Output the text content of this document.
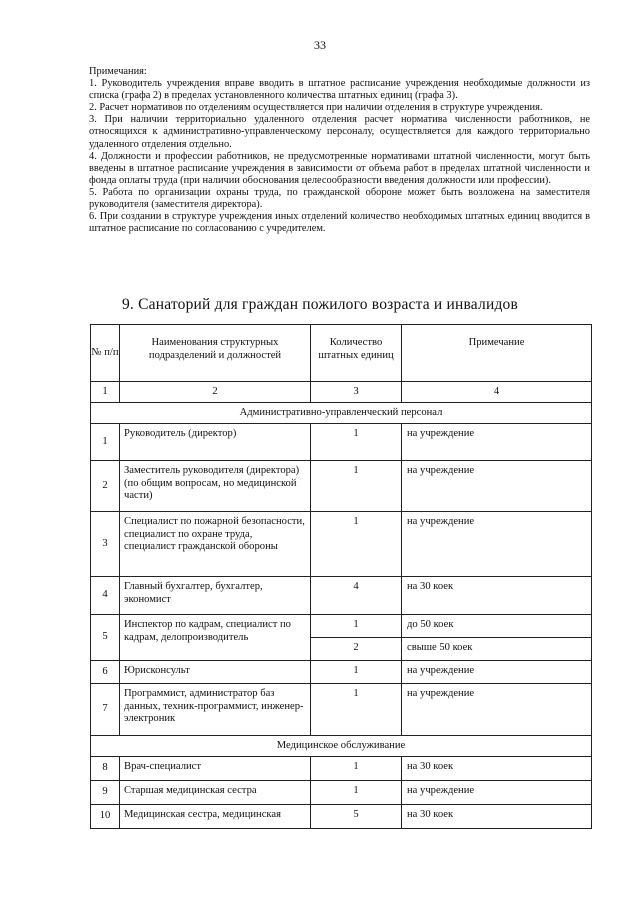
33

Примечания:

1. Руководитель учреждения вправе вводить в штатное расписание учреждения необходимые должности из списка (графа 2) в пределах установленного количества штатных единиц (графа 3).

2. Расчет нормативов по отделениям осуществляется при наличии отделения в структуре учреждения.

3. При наличии территориально удаленного отделения расчет норматива численности работников, не относящихся к административно-управленческому персоналу, осуществляется для каждого территориально удаленного отделения отдельно.

4. Должности и профессии работников, не предусмотренные нормативами штатной численности, могут быть введены в штатное расписание учреждения в зависимости от объема работ в пределах штатной численности и фонда оплаты труда (при наличии обоснования целесообразности введения должности или профессии).

5. Работа по организации охраны труда, по гражданской обороне может быть возложена на заместителя руководителя (заместителя директора).

6. При создании в структуре учреждения иных отделений количество необходимых штатных единиц вводится в штатное расписание по согласованию с учредителем.

9. Санаторий для граждан пожилого возраста и инвалидов
№ п/п	Наименования структурных подразделений и должностей	Количество штатных единиц	Примечание
1	2	3	4
Административно-управленческий персонал			
1	Руководитель (директор)	1	на учреждение
2	Заместитель руководителя (директора) (по общим вопросам, но медицинской части)	1	на учреждение
3	Специалист по пожарной безопасности, специалист по охране труда, специалист гражданской обороны	1	на учреждение
4	Главный бухгалтер, бухгалтер, экономист	4	на 30 коек
5	Инспектор по кадрам, специалист по кадрам, делопроизводитель	1	до 50 коек
		2	свыше 50 коек
6	Юрисконсульт	1	на учреждение
7	Программист, администратор баз данных, техник-программист, инженер-электроник	1	на учреждение
Медицинское обслуживание			
8	Врач-специалист	1	на 30 коек
9	Старшая медицинская сестра	1	на учреждение
10	Медицинская сестра, медицинская	5	на 30 коек
